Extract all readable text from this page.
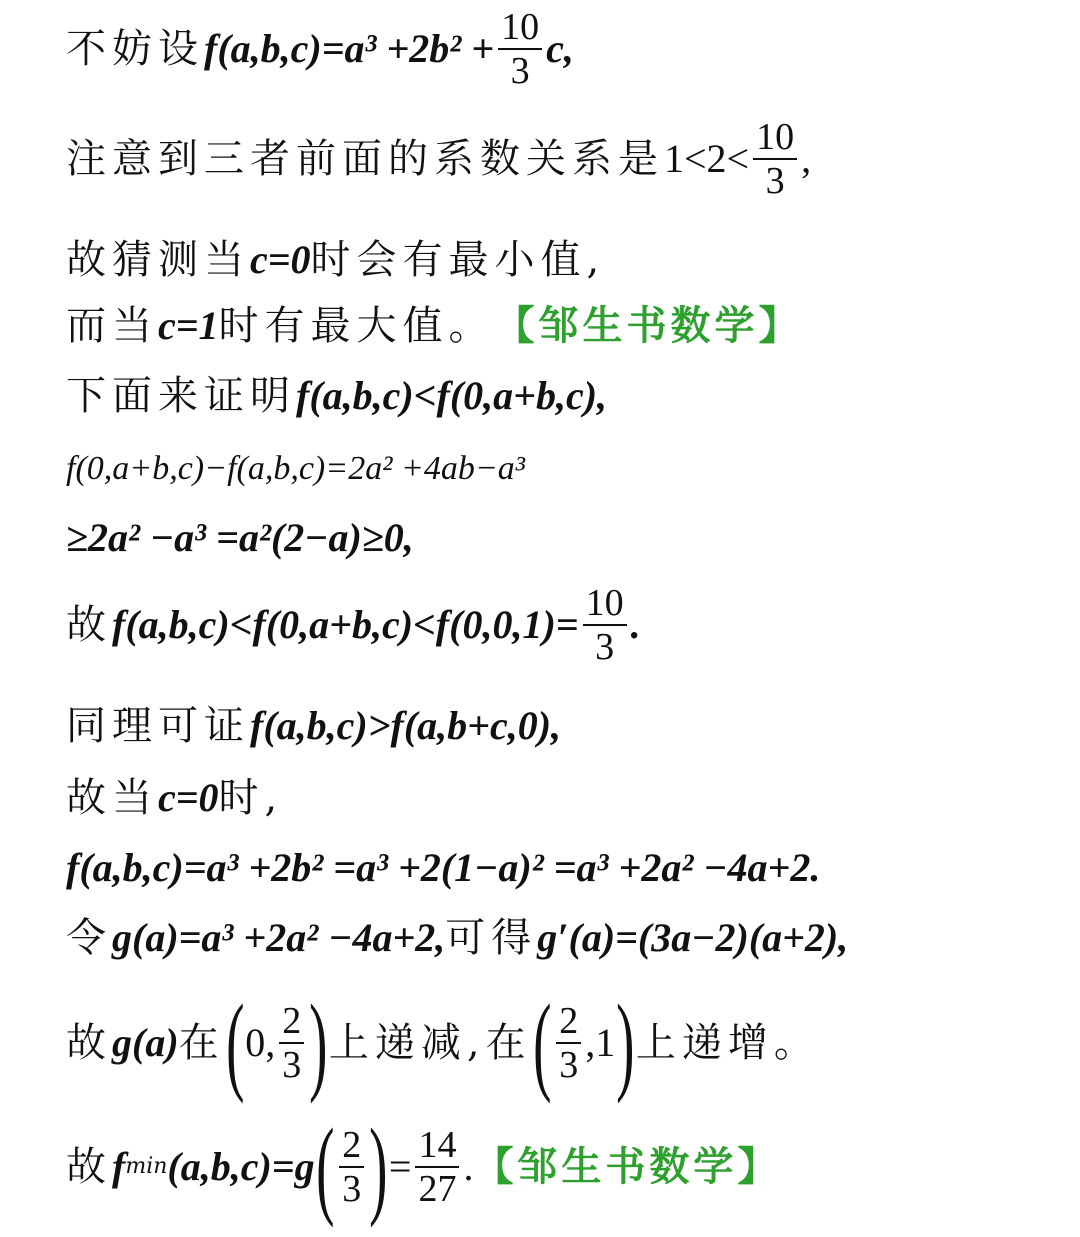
不妨设 $f(a,b,c)=a^3 +2b^2 + \frac{10}{3} c$,
注意到三者前面的系数关系是 $1<2< \frac{10}{3}$ ,
故猜测当 c=0 时会有最小值,
而当 c=1 时有最大值。 【邹生书数学】
下面来证明 f(a,b,c)<f(0,a+b,c),
f(0,a+b,c)−f(a,b,c)=2a² +4ab−a³
≥2a² −a³ =a²(2−a)≥0,
故 $f(a,b,c)<f(0,a+b,c)<f(0,0,1)= \frac{10}{3}$ .
同理可证 f(a,b,c)>f(a,b+c,0),
故当 c=0 时,
f(a,b,c)=a³ +2b² =a³ +2(1−a)² =a³ +2a² −4a+2.
令 g(a)=a³ +2a² −4a+2, 可得 g′(a)=(3a−2)(a+2),
故 g(a) 在 ( 0, $\frac{2}{3}$ ) 上递减,在 ( $\frac{2}{3} ,1$ ) 上递增。
故 f min (a,b,c)=g ( $\frac{2}{3}$ ) = $\frac{14}{27}$ . 【邹生书数学】
